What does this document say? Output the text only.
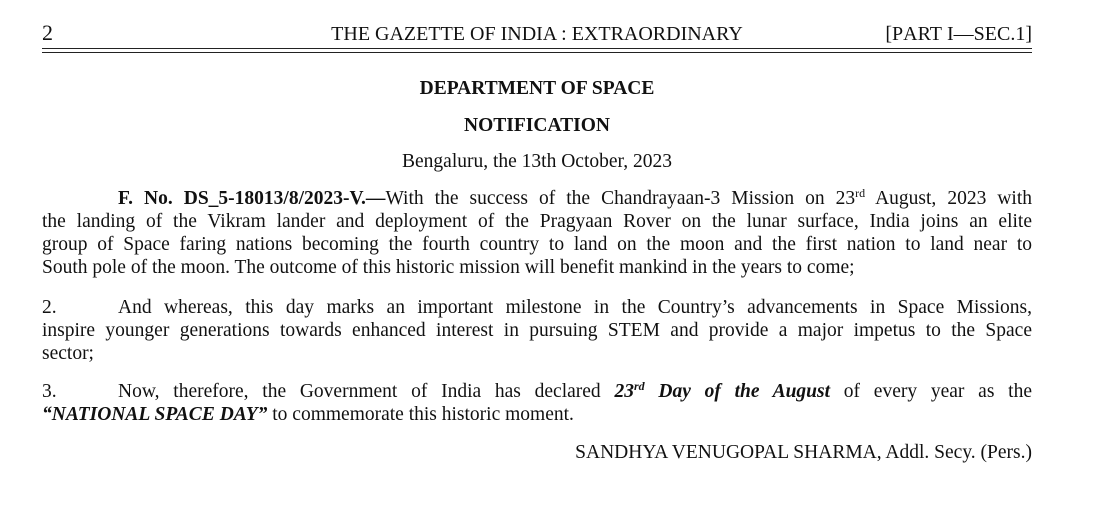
2	THE GAZETTE OF INDIA : EXTRAORDINARY	[PART I—SEC.1]
DEPARTMENT OF SPACE
NOTIFICATION
Bengaluru, the 13th October, 2023
F. No. DS_5-18013/8/2023-V.—With the success of the Chandrayaan-3 Mission on 23rd August, 2023 with
the landing of the Vikram lander and deployment of the Pragyaan Rover on the lunar surface, India joins an elite
group of Space faring nations becoming the fourth country to land on the moon and the first nation to land near to
South pole of the moon. The outcome of this historic mission will benefit mankind in the years to come;
2.	And whereas, this day marks an important milestone in the Country’s advancements in Space Missions,
inspire younger generations towards enhanced interest in pursuing STEM and provide a major impetus to the Space
sector;
3.	Now, therefore, the Government of India has declared 23rd Day of the August of every year as the
“NATIONAL SPACE DAY” to commemorate this historic moment.
SANDHYA VENUGOPAL SHARMA, Addl. Secy. (Pers.)
